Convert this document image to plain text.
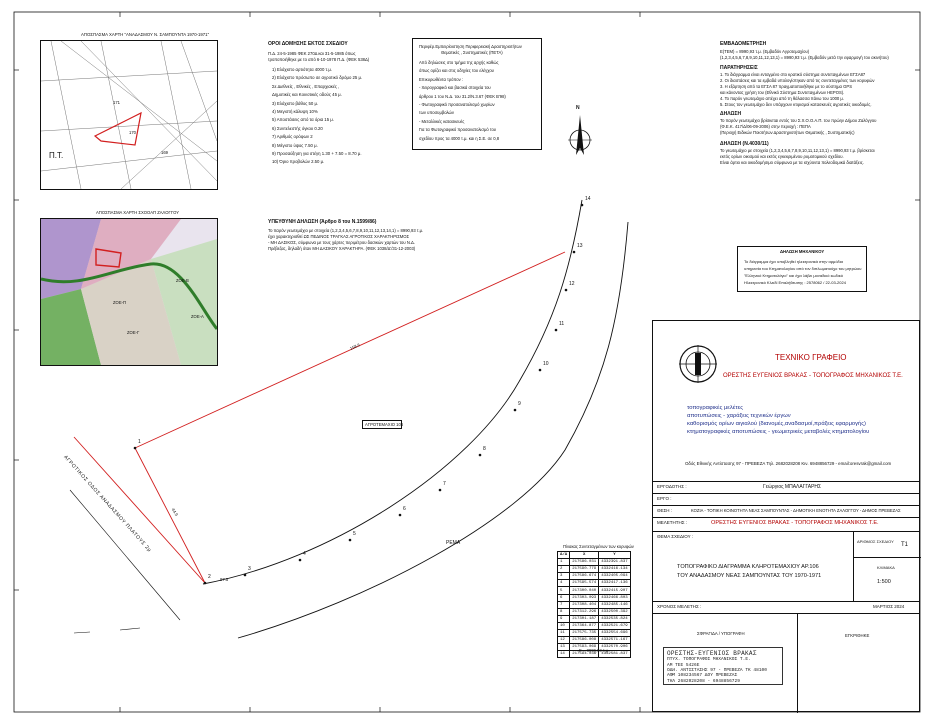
ΑΠΟΣΠΑΣΜΑ ΧΑΡΤΗ "ΑΝΑΔΑΣΜΟΥ Ν. ΣΑΜΠΟΥΝΤΑ 1970-1971"
171
170
169
Π.Τ.
ΖΟΕ-Π
ΖΟΕ-Γ
ΖΟΕ-Β
ΖΟΕ-Α
ΑΠΟΣΠΑΣΜΑ ΧΑΡΤΗ ΣΧΟΟΑΠ ΖΑΛΟΓΓΟΥ
ΟΡΟΙ ΔΟΜΗΣΗΣ ΕΚΤΟΣ ΣΧΕΔΙΟΥ
Π.Δ. 24-5-1985 ΦΕΚ 270Δ και 31-5-1985 όπως
τροποποιήθηκε με το από 6-10-1978 Π.Δ. (ΦΕΚ 538Δ)
1) Ελάχιστο αρτιότητα 4000 τ.μ.
2) Ελάχιστο πρόσωπο σε αγροτικό δρόμο 25 μ.
Σε Διεθνείς , Εθνικές , Επαρχιακές ,
Δημοτικές και Κοινοτικές οδούς 45 μ.
3) Ελάχιστο βάθος 50 μ.
4) Μεγιστή κάλυψη 10%
5) Αποστάσεις από τα όρια 15 μ.
6) Συντελεστής όγκου 0.20
7) Αριθμός ορόφων 2
8) Μέγιστο ύψος 7.50 μ.
9) Προσαύξηση για στέγη 1.30 + 7.50 = 8.70 μ.
10) Όριο προβολών 2.50 μ.
ΥΠΕΥΘΥΝΗ ΔΗΛΩΣΗ (Άρθρο 8 του Ν.1599/86)
Το παρόν γεωτεμάχιο με στοιχεία (1,2,3,4,5,6,7,8,9,10,11,12,13,14,1) = 8990,93 τ.μ.
έχει χαρακτηρισθεί ΩΣ ΠΕΔΙΝΟΣ ΤΡΑΓΚΑΣ ΑΓΡΟΤΙΚΟΣ ΧΑΡΑΚΤΗΡΙΣΜΟΣ
- ΜΗ ΔΑΣΙΚΟΣ, σύμφωνα με τους χάρτες περιμέτρου δασικών χαρτών του Ν.Δ.
Πρέβεζας, δηλαδή όταν ΜΗ ΔΑΣΙΚΟΥ ΧΑΡΑΚΤΗΡΑ. (ΦΕΚ 1038/Δ'/31-12-2003)
Περιφέρ.Εμπειρίοιστηση Περιφερειακή Δραστηριοτήτων
Θεματικές , Συστηματικές (ΠΕΤΑ)
Από δηλώσεις στο τμήμα της αρχής καθώς
όπως ορίζει και στις οδηγίες του ελέγχου
Επικυρωθέντα τρόπον :
- Χειρογραφικό και βασικά στοιχεία του
άρθρου 1 του Ν.Δ. του 31.2/Ν.3.67 (ΦΕΚ Β'98)
- Φωτογραφικό προσανατολισμό χωρίων
των υποσυμβολών
- Μεταλλικές κατασκευές
Για τα Φωτογραφικό προσανατολισμό του
σχεδίου προς τα 4000 τ.μ. και η Σ.Ε. σε 0,8
ΕΜΒΑΔΟΜΕΤΡΗΣΗ
Ε(ΤΕΜ) = 8990,93 τ.μ. (Εμβαδόν Αγροτεμαχίου)
(1,2,3,4,5,6,7,8,9,10,11,12,13,1) = 8990,93 τ.μ. (Εμβαδόν μετά την εφαρμογή του ακινήτου)
ΠΑΡΑΤΗΡΗΣΕΙΣ
1. Το διάγραμμα είναι ενταγμένο στο κρατικό σύστημα συντεταγμένων ΕΓΣΑ87
2. Οι διαστάσεις και τα εμβαδά υπολογίστηκαν από τις συντεταγμένες των κορυφών
3. Η εξάρτηση από τα ΕΓΣΑ 87 πραγματοποιήθηκε με το σύστημα GPS
και κάνοντας χρήση του (Εθνικό Σύστημα Συντεταγμένων HEPOS).
4. Το παρόν γεωτεμάχιο απέχει από τη θάλασσα πάνω του 1000 μ.
5. Στους τον γεωτεμάχιο δεν υπάρχουν κτιρισμοί κατασκευές αγροτικές οικοδομές.
ΔΗΛΩΣΗ
Το παρόν γεωτεμάχιο βρίσκεται εντός του Σ.Χ.Ο.Ο.Α.Π. του πρώην Δήμου Ζαλόγγου
(Φ.Ε.Κ. 417/Δ/06-09-2006) στην περιοχή : ΠΕΠΑ
(Περιοχή Ειδικών Ποιοτήτων Δραστηριοτήτων Θεματικής , Συστηματικής)
ΔΗΛΩΣΗ (Ν.4030/11)
Το γεωτεμάχιο με στοιχεία (1,2,3,4,5,6,7,8,9,10,11,12,13,1) = 8990,93 τ.μ. βρίσκεται
εκτός ορίων οικισμού και εκτός εγκεκριμένου ρυμοτομικού σχεδίου.
Είναι άρτιο και οικοδομήσιμο σύμφωνα με τα ισχύοντα πολεοδομικά διατάξεις.
ΔΗΛΩΣΗ ΜΗΧΑΝΙΚΟΥ
Το διάγραμμα έχει υποβληθεί ηλεκτρονικά στην αρμόδια
υπηρεσία του Κτηματολογίου από τον διπλωματούχο του μητρώου
"Ελληνικό Κτηματολόγιο" και έχει λάβει μοναδικό κωδικό
Ηλεκτρονικό Κλειδί Επαλήθευσης : 2578062 / 22-03-2024
ΡΕΜΑ
ΑΓΡΟΤΕΜΑΧΙΟ 106
ΑΓΡΟΤΙΚΟΣ ΟΔΟΣ ΑΝΑΔΑΣΜΟΥ ΠΛΑΤΟΥΣ 2μ
158.6
44.9
97.5
N
1
2
3
4
5
6
7
8
9
10
11
12
13
14
Πίνακας Συντεταγμένων των κορυφών
Α/Α	X	Y
1	217586.031	4332391.837
2	217590.779	4332416.134
3	217586.674	4332405.094
4	217595.574	4332417.136
5	217300.040	4332415.907
6	217303.093	4332466.803
7	217308.404	4332485.146
8	217312.296	4332500.392
9	217301.187	4332535.824
10	217364.877	4332521.679
11	217575.735	4332554.696
12	217586.008	4332571.167
13	217593.069	4332570.906
14	217594.036	4332581.837
E = 8990,93 τ.μ.
ΤΕΧΝΙΚΟ ΓΡΑΦΕΙΟ
ΟΡΕΣΤΗΣ ΕΥΓΕΝΙΟΣ ΒΡΑΚΑΣ - ΤΟΠΟΓΡΑΦΟΣ ΜΗΧΑΝΙΚΟΣ Τ.Ε.
τοπογραφικές μελέτες
αποτυπώσεις - χαράξεις τεχνικών έργων
καθορισμός ορίων αιγιαλού (διανομές,αναδασμοί,πράξεις εφαρμογής)
κτηματογραφικές αποτυπώσεις - γεωμετρικές μεταβολές κτηματολογίου
Οδός Εθνικής Αντίστασης 97 - ΠΡΕΒΕΖΑ Τηλ. 2682028208 Κιν. 6948856729 - email:oresvrak@gmail.com
ΕΡΓΟΔΟΤΗΣ :	Γεώργιος ΜΠΑΛΑΓΓΑΡΗΣ
ΕΡΓΟ :
ΘΕΣΗ :	ΚΟΖΙΑ - ΤΟΠΙΚΗ ΚΟΙΝΟΤΗΤΑ ΝΕΑΣ ΣΑΜΠΟΥΝΤΑΣ - ΔΗΜΟΤΙΚΗ ΕΝΟΤΗΤΑ ΖΑΛΟΓΓΟΥ - ΔΗΜΟΣ ΠΡΕΒΕΖΑΣ
ΜΕΛΕΤΗΤΗΣ :	ΟΡΕΣΤΗΣ ΕΥΓΕΝΙΟΣ ΒΡΑΚΑΣ - ΤΟΠΟΓΡΑΦΟΣ ΜΗΧΑΝΙΚΟΣ Τ.Ε.
ΘΕΜΑ ΣΧΕΔΙΟΥ :
ΤΟΠΟΓΡΑΦΙΚΟ ΔΙΑΓΡΑΜΜΑ ΚΛΗΡΟΤΕΜΑΧΙΟΥ ΑΡ.106
ΤΟΥ ΑΝΑΔΑΣΜΟΥ ΝΕΑΣ ΣΑΜΠΟΥΝΤΑΣ ΤΟΥ 1970-1971
ΑΡΙΘΜΟΣ ΣΧΕΔΙΟΥ
Τ1
ΚΛΙΜΑΚΑ
1:500
ΧΡΟΝΟΣ ΜΕΛΕΤΗΣ :	ΜΑΡΤΙΟΣ 2024
ΣΦΡΑΓΙΔΑ / ΥΠΟΓΡΑΦΗ	ΕΓΚΡΙΘΗΚΕ
ΟΡΕΣΤΗΣ-ΕΥΓΕΝΙΟΣ ΒΡΑΚΑΣ
ΠΤΥΧ. ΤΟΠΟΓΡΑΦΟΣ ΜΗΧΑΝΙΚΟΣ Τ.Ε.
ΑΜ ΤΕΕ 5426Ε
ΟΔΗ. ΑΝΤΙΣΤΑΣΗΣ 97 - ΠΡΕΒΕΖΑ ΤΚ 48100
ΑΦΜ 108234567 ΔΟΥ ΠΡΕΒΕΖΑΣ
ΤΗΛ 2682028208 - 6948856729
